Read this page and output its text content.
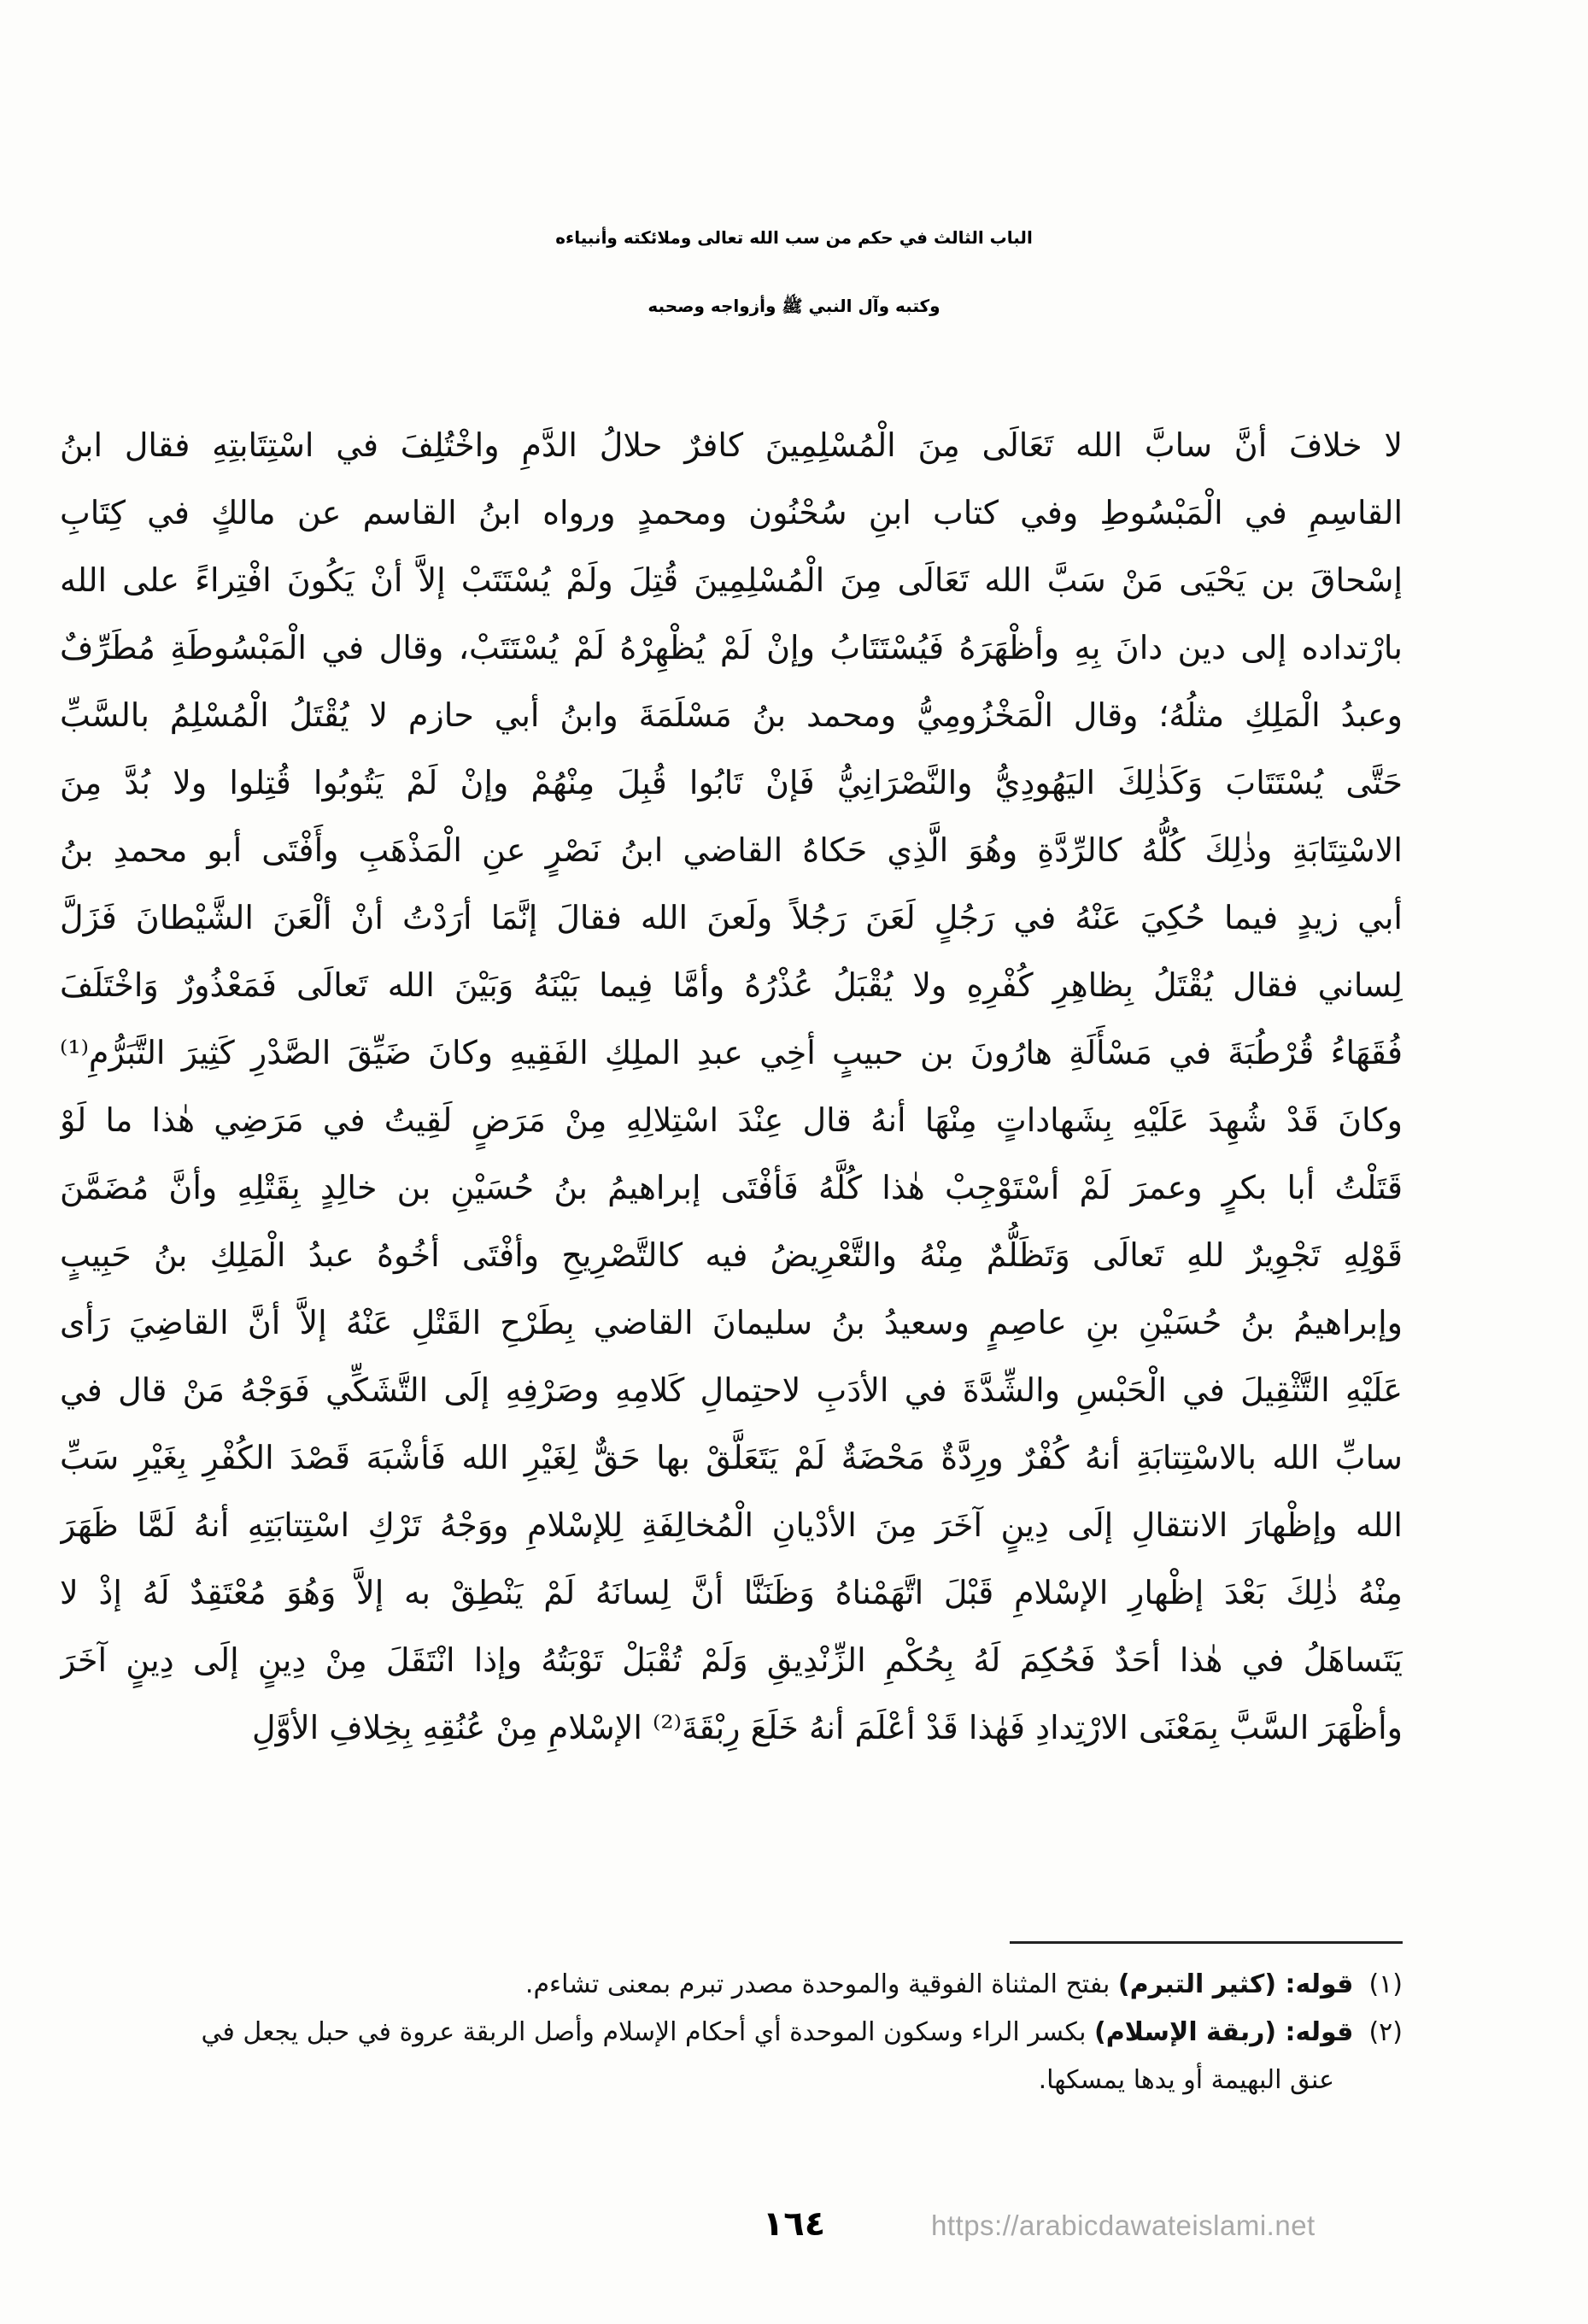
الباب الثالث في حكم من سب الله تعالى وملائكته وأنبياءه
وكتبه وآل النبي ﷺ وأزواجه وصحبه
لا خلافَ أنَّ سابَّ الله تَعَالَى مِنَ الْمُسْلِمِينَ كافرٌ حلالُ الدَّمِ واخْتُلِفَ في اسْتِتَابتِهِ فقال ابنُ
القاسِمِ في الْمَبْسُوطِ وفي كتاب ابنِ سُحْنُون ومحمدٍ ورواه ابنُ القاسم عن مالكٍ في كِتَابِ
إسْحاقَ بن يَحْيَى مَنْ سَبَّ الله تَعَالَى مِنَ الْمُسْلِمِينَ قُتِلَ ولَمْ يُسْتَتَبْ إلاَّ أنْ يَكُونَ افْتِراءً على الله
بارْتداده إلى دين دانَ بِهِ وأظْهَرَهُ فَيُسْتَتَابُ وإنْ لَمْ يُظْهِرْهُ لَمْ يُسْتَتَبْ، وقال في الْمَبْسُوطَةِ مُطَرِّفٌ
وعبدُ الْمَلِكِ مثلُهُ؛ وقال الْمَخْزُومِيُّ ومحمد بنُ مَسْلَمَةَ وابنُ أبي حازم لا يُقْتَلُ الْمُسْلِمُ بالسَّبِّ
حَتَّى يُسْتَتَابَ وَكَذٰلِكَ اليَهُودِيُّ والنَّصْرَانِيُّ فَإنْ تَابُوا قُبِلَ مِنْهُمْ وإنْ لَمْ يَتُوبُوا قُتِلوا ولا بُدَّ مِنَ
الاسْتِتَابَةِ وذٰلِكَ كُلُّهُ كالرِّدَّةِ وهُوَ الَّذِي حَكاهُ القاضي ابنُ نَصْرٍ عنِ الْمَذْهَبِ وأَفْتَى أبو محمدِ بنُ
أبي زيدٍ فيما حُكِيَ عَنْهُ في رَجُلٍ لَعَنَ رَجُلاً ولَعنَ الله فقالَ إنَّمَا أرَدْتُ أنْ ألْعَنَ الشَّيْطانَ فَزَلَّ
لِساني فقال يُقْتَلُ بِظاهِرِ كُفْرِهِ ولا يُقْبَلُ عُذْرُهُ وأمَّا فِيما بَيْنَهُ وَبَيْنَ الله تَعالَى فَمَعْذُورٌ وَاخْتَلَفَ
فُقَهَاءُ قُرْطُبَةَ في مَسْأَلَةِ هارُونَ بن حبيبٍ أخِي عبدِ الملِكِ الفَقِيهِ وكانَ ضَيِّقَ الصَّدْرِ كَثِيرَ التَّبَرُّمِ⁽¹⁾
وكانَ قَدْ شُهِدَ عَلَيْهِ بِشَهاداتٍ مِنْهَا أنهُ قال عِنْدَ اسْتِلالِهِ مِنْ مَرَضٍ لَقِيتُ في مَرَضِي هٰذا ما لَوْ
قَتَلْتُ أبا بكرٍ وعمرَ لَمْ أسْتَوْجِبْ هٰذا كُلَّهُ فَأفْتَى إبراهيمُ بنُ حُسَيْنِ بن خالِدٍ بِقَتْلِهِ وأنَّ مُضَمَّنَ
قَوْلِهِ تَجْوِيرٌ للهِ تَعالَى وَتَظَلُّمٌ مِنْهُ والتَّعْرِيضُ فيه كالتَّصْرِيحِ وأفْتَى أخُوهُ عبدُ الْمَلِكِ بنُ حَبِيبٍ
وإبراهيمُ بنُ حُسَيْنِ بنِ عاصِمٍ وسعيدُ بنُ سليمانَ القاضي بِطَرْحِ القَتْلِ عَنْهُ إلاَّ أنَّ القاضِيَ رَأى
عَلَيْهِ التَّثْقِيلَ في الْحَبْسِ والشِّدَّةَ في الأدَبِ لاحتِمالِ كَلامِهِ وصَرْفِهِ إلَى التَّشَكِّي فَوَجْهُ مَنْ قال في
سابِّ الله بالاسْتِتابَةِ أنهُ كُفْرٌ ورِدَّةٌ مَحْضَةٌ لَمْ يَتَعَلَّقْ بها حَقٌّ لِغَيْرِ الله فَأشْبَهَ قَصْدَ الكُفْرِ بِغَيْرِ سَبِّ
الله وإظْهارَ الانتقالِ إلَى دِينٍ آخَرَ مِنَ الأدْيانِ الْمُخالِفَةِ لِلإسْلامِ ووَجْهُ تَرْكِ اسْتِتابَتِهِ أنهُ لَمَّا ظَهَرَ
مِنْهُ ذٰلِكَ بَعْدَ إظْهارِ الإسْلامِ قَبْلَ اتَّهَمْناهُ وَظَنَنَّا أنَّ لِسانَهُ لَمْ يَنْطِقْ به إلاَّ وَهُوَ مُعْتَقِدٌ لَهُ إذْ لا
يَتَساهَلُ في هٰذا أحَدٌ فَحُكِمَ لَهُ بِحُكْمِ الزِّنْدِيقِ وَلَمْ تُقْبَلْ تَوْبَتُهُ وإذا انْتَقَلَ مِنْ دِينٍ إلَى دِينٍ آخَرَ
وأظْهَرَ السَّبَّ بِمَعْنَى الارْتِدادِ فَهٰذا قَدْ أعْلَمَ أنهُ خَلَعَ رِبْقَةَ⁽²⁾ الإسْلامِ مِنْ عُنُقِهِ بِخِلافِ الأوَّلِ
(١)قوله: (كثير التبرم) بفتح المثناة الفوقية والموحدة مصدر تبرم بمعنى تشاءم.
(٢)قوله: (ربقة الإسلام) بكسر الراء وسكون الموحدة أي أحكام الإسلام وأصل الربقة عروة في حبل يجعل في
عنق البهيمة أو يدها يمسكها.
١٦٤	https://arabicdawateislami.net
